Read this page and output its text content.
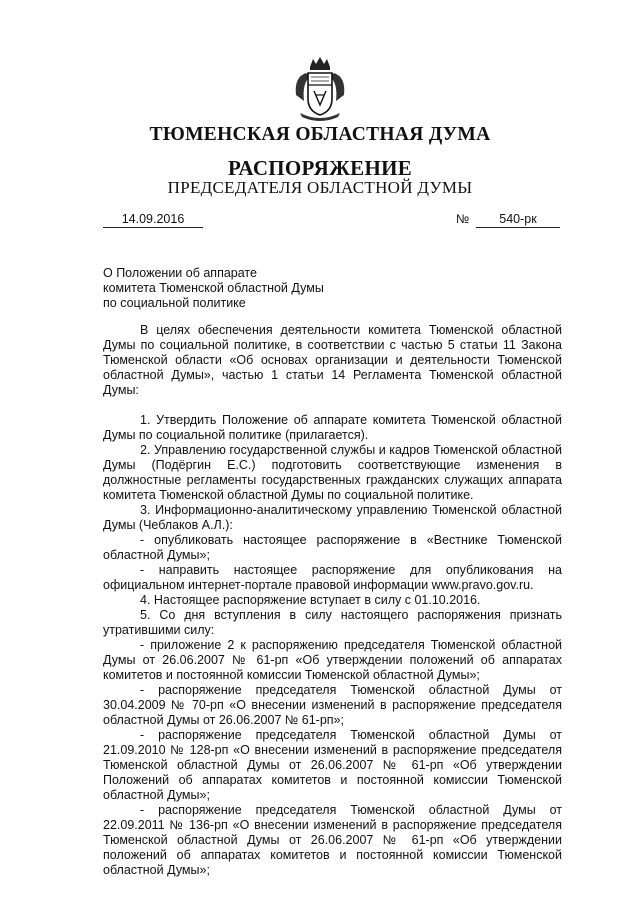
ТЮМЕНСКАЯ ОБЛАСТНАЯ ДУМА
РАСПОРЯЖЕНИЕ
ПРЕДСЕДАТЕЛЯ ОБЛАСТНОЙ ДУМЫ
14.09.2016	№	540-рк
О Положении об аппарате
комитета Тюменской областной Думы
по социальной политике

В целях обеспечения деятельности комитета Тюменской областной Думы по социальной политике, в соответствии с частью 5 статьи 11 Закона Тюменской области «Об основах организации и деятельности Тюменской областной Думы», частью 1 статьи 14 Регламента Тюменской областной Думы:

1. Утвердить Положение об аппарате комитета Тюменской областной Думы по социальной политике (прилагается).

2. Управлению государственной службы и кадров Тюменской областной Думы (Подёргин Е.С.) подготовить соответствующие изменения в должностные регламенты государственных гражданских служащих аппарата комитета Тюменской областной Думы по социальной политике.

3. Информационно-аналитическому управлению Тюменской областной Думы (Чеблаков А.Л.):

- опубликовать настоящее распоряжение в «Вестнике Тюменской областной Думы»;

- направить настоящее распоряжение для опубликования на официальном интернет-портале правовой информации www.pravo.gov.ru.

4. Настоящее распоряжение вступает в силу с 01.10.2016.

5. Со дня вступления в силу настоящего распоряжения признать утратившими силу:

- приложение 2 к распоряжению председателя Тюменской областной Думы от 26.06.2007 № 61-рп «Об утверждении положений об аппаратах комитетов и постоянной комиссии Тюменской областной Думы»;

- распоряжение председателя Тюменской областной Думы от 30.04.2009 № 70-рп «О внесении изменений в распоряжение председателя областной Думы от 26.06.2007 № 61-рп»;

- распоряжение председателя Тюменской областной Думы от 21.09.2010 № 128-рп «О внесении изменений в распоряжение председателя Тюменской областной Думы от 26.06.2007 № 61-рп «Об утверждении Положений об аппаратах комитетов и постоянной комиссии Тюменской областной Думы»;

- распоряжение председателя Тюменской областной Думы от 22.09.2011 № 136-рп «О внесении изменений в распоряжение председателя Тюменской областной Думы от 26.06.2007 № 61-рп «Об утверждении положений об аппаратах комитетов и постоянной комиссии Тюменской областной Думы»;
